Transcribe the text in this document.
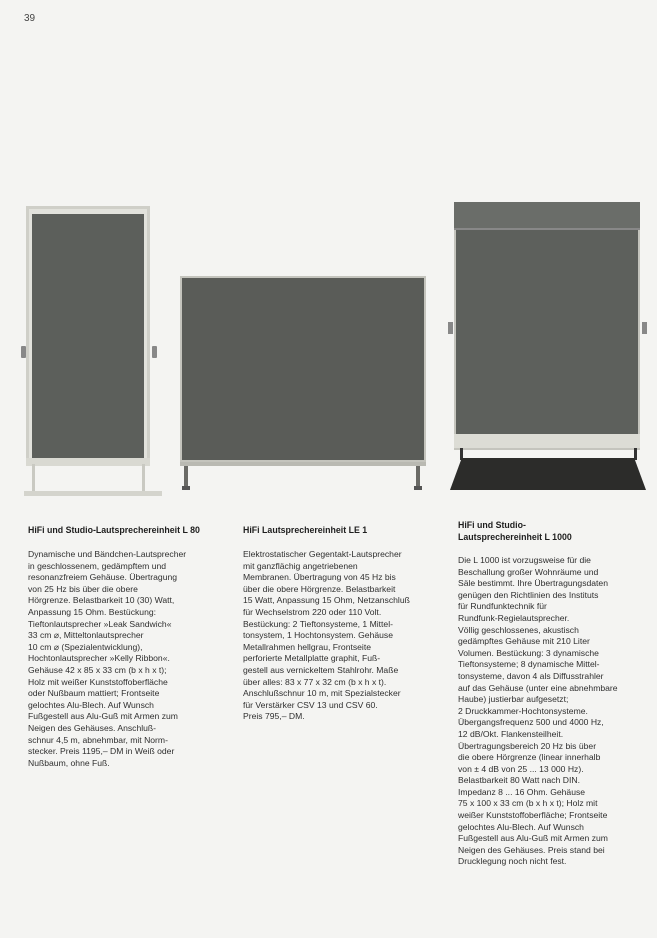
39
HiFi und Studio-Lautsprechereinheit L 80

Dynamische und Bändchen-Lautsprecher
in geschlossenem, gedämpftem und
resonanzfreiem Gehäuse. Übertragung
von 25 Hz bis über die obere
Hörgrenze. Belastbarkeit 10 (30) Watt,
Anpassung 15 Ohm. Bestückung:
Tieftonlautsprecher »Leak Sandwich«
33 cm ⌀, Mitteltonlautsprecher
10 cm ⌀ (Spezialentwicklung),
Hochtonlautsprecher »Kelly Ribbon«.
Gehäuse 42 x 85 x 33 cm (b x h x t);
Holz mit weißer Kunststoffoberfläche
oder Nußbaum mattiert; Frontseite
gelochtes Alu-Blech. Auf Wunsch
Fußgestell aus Alu-Guß mit Armen zum
Neigen des Gehäuses. Anschluß-
schnur 4,5 m, abnehmbar, mit Norm-
stecker. Preis 1195,– DM in Weiß oder
Nußbaum, ohne Fuß.

HiFi Lautsprechereinheit LE 1

Elektrostatischer Gegentakt-Lautsprecher
mit ganzflächig angetriebenen
Membranen. Übertragung von 45 Hz bis
über die obere Hörgrenze. Belastbarkeit
15 Watt, Anpassung 15 Ohm, Netzanschluß
für Wechselstrom 220 oder 110 Volt.
Bestückung: 2 Tieftonsysteme, 1 Mittel-
tonsystem, 1 Hochtonsystem. Gehäuse
Metallrahmen hellgrau, Frontseite
perforierte Metallplatte graphit, Fuß-
gestell aus vernickeltem Stahlrohr. Maße
über alles: 83 x 77 x 32 cm (b x h x t).
Anschlußschnur 10 m, mit Spezialstecker
für Verstärker CSV 13 und CSV 60.
Preis 795,– DM.

HiFi und Studio-
Lautsprechereinheit L 1000

Die L 1000 ist vorzugsweise für die
Beschallung großer Wohnräume und
Säle bestimmt. Ihre Übertragungsdaten
genügen den Richtlinien des Instituts
für Rundfunktechnik für
Rundfunk-Regielautsprecher.
Völlig geschlossenes, akustisch
gedämpftes Gehäuse mit 210 Liter
Volumen. Bestückung: 3 dynamische
Tieftonsysteme; 8 dynamische Mittel-
tonsysteme, davon 4 als Diffusstrahler
auf das Gehäuse (unter eine abnehmbare
Haube) justierbar aufgesetzt;
2 Druckkammer-Hochtonsysteme.
Übergangsfrequenz 500 und 4000 Hz,
12 dB/Okt. Flankensteilheit.
Übertragungsbereich 20 Hz bis über
die obere Hörgrenze (linear innerhalb
von ± 4 dB von 25 ... 13 000 Hz).
Belastbarkeit 80 Watt nach DIN.
Impedanz 8 ... 16 Ohm. Gehäuse
75 x 100 x 33 cm (b x h x t); Holz mit
weißer Kunststoffoberfläche; Frontseite
gelochtes Alu-Blech. Auf Wunsch
Fußgestell aus Alu-Guß mit Armen zum
Neigen des Gehäuses. Preis stand bei
Drucklegung noch nicht fest.
